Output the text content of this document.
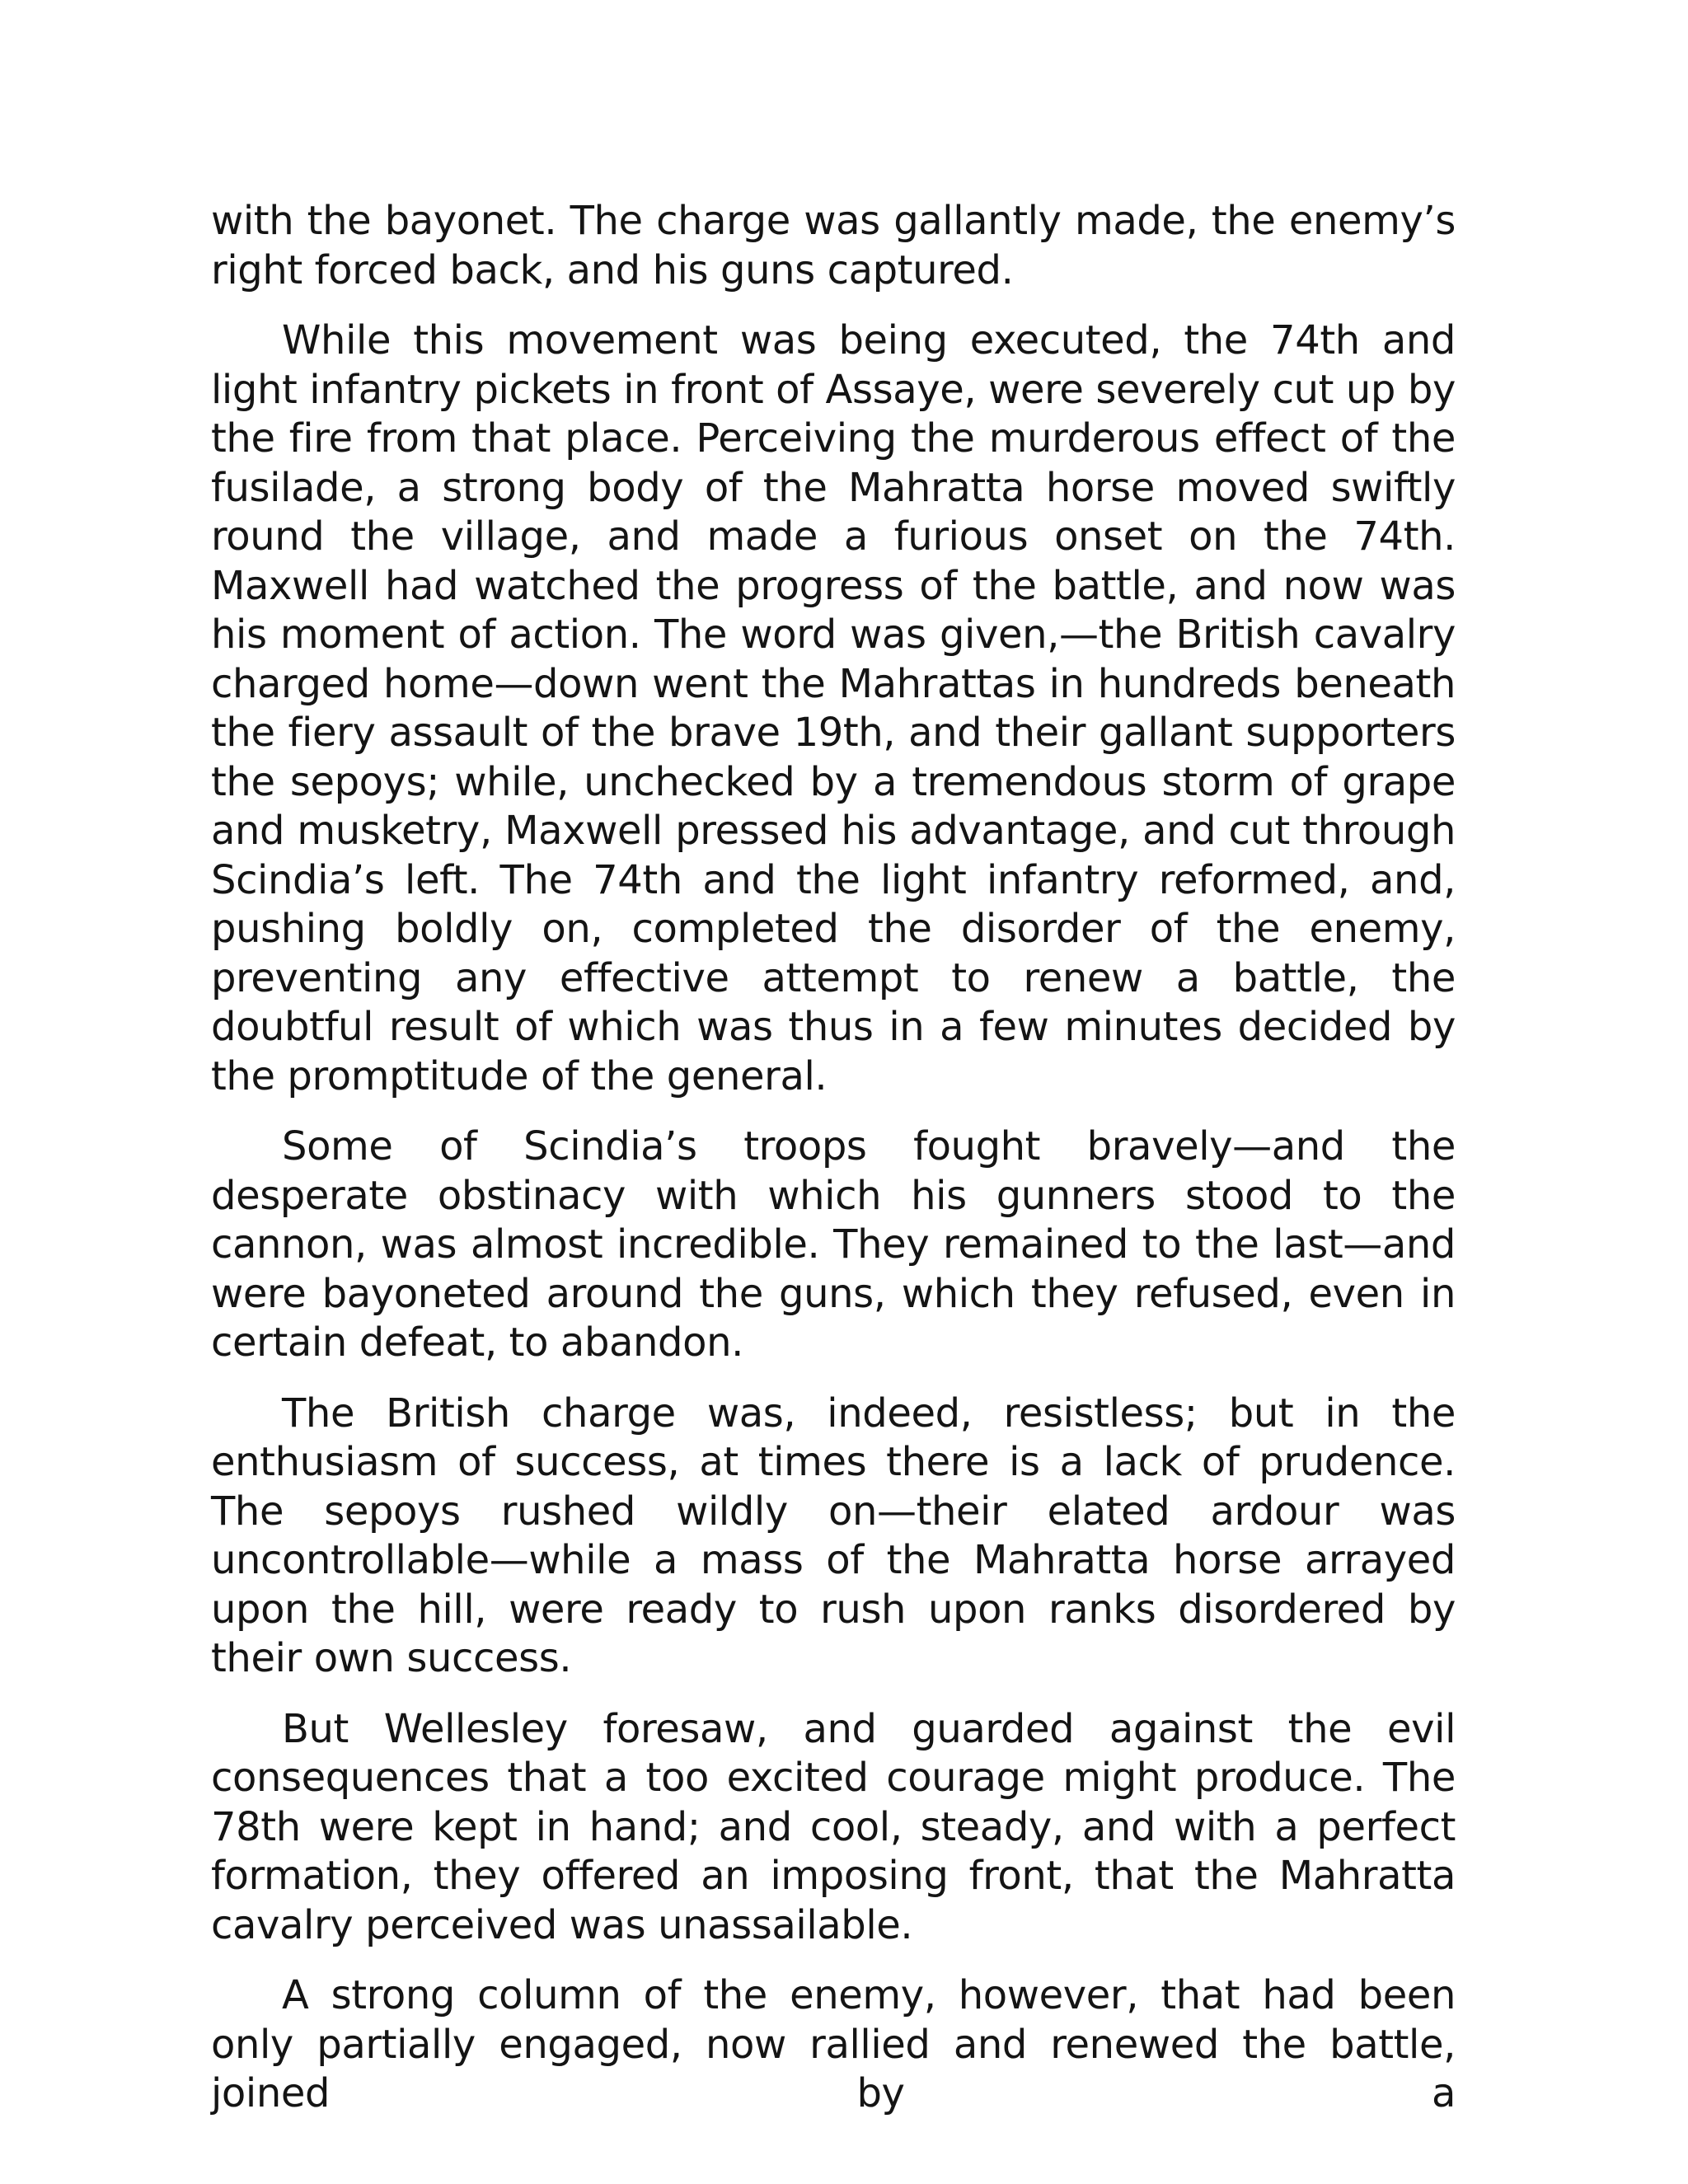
with the bayonet. The charge was gallantly made, the enemy’s right forced back, and his guns captured.

While this movement was being executed, the 74th and light infantry pickets in front of Assaye, were severely cut up by the fire from that place. Perceiving the murderous effect of the fusilade, a strong body of the Mahratta horse moved swiftly round the village, and made a furious onset on the 74th. Maxwell had watched the progress of the battle, and now was his moment of action. The word was given,—the British cavalry charged home—down went the Mahrattas in hundreds beneath the fiery assault of the brave 19th, and their gallant supporters the sepoys; while, unchecked by a tremendous storm of grape and musketry, Maxwell pressed his advantage, and cut through Scindia’s left. The 74th and the light infantry reformed, and, pushing boldly on, completed the disorder of the enemy, preventing any effective attempt to renew a battle, the doubtful result of which was thus in a few minutes decided by the promptitude of the general.

Some of Scindia’s troops fought bravely—and the desperate obstinacy with which his gunners stood to the cannon, was almost incredible. They remained to the last—and were bayoneted around the guns, which they refused, even in certain defeat, to abandon.

The British charge was, indeed, resistless; but in the enthusiasm of success, at times there is a lack of prudence. The sepoys rushed wildly on—their elated ardour was uncontrollable—while a mass of the Mahratta horse arrayed upon the hill, were ready to rush upon ranks disordered by their own success.

But Wellesley foresaw, and guarded against the evil consequences that a too excited courage might produce. The 78th were kept in hand; and cool, steady, and with a perfect formation, they offered an imposing front, that the Mahratta cavalry perceived was unassailable.

A strong column of the enemy, however, that had been only partially engaged, now rallied and renewed the battle, joined by a
